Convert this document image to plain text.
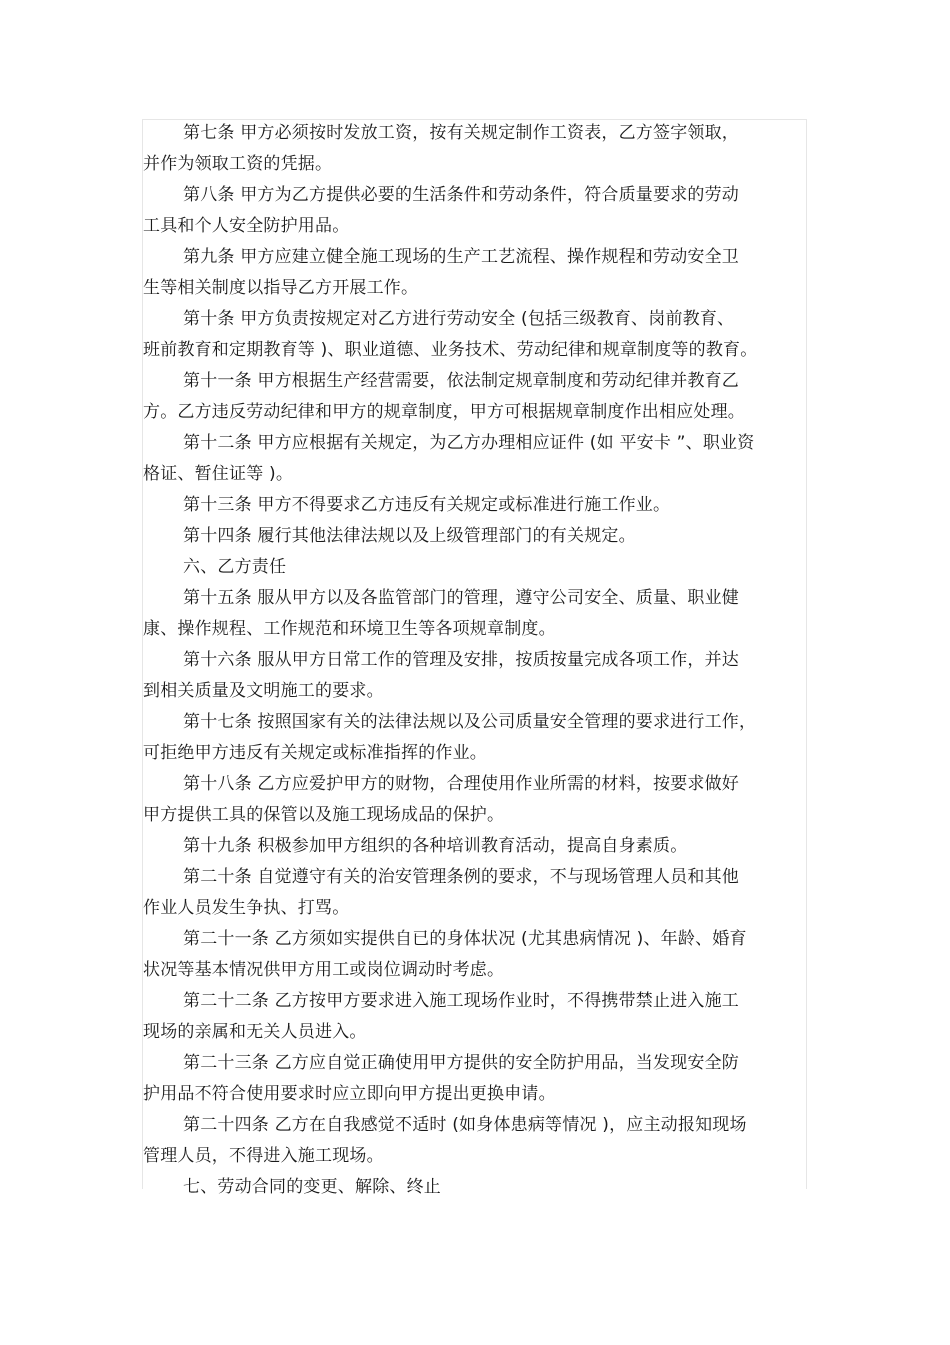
第七条 甲方必须按时发放工资，按有关规定制作工资表，乙方签字领取，
并作为领取工资的凭据。
第八条 甲方为乙方提供必要的生活条件和劳动条件，符合质量要求的劳动
工具和个人安全防护用品。
第九条 甲方应建立健全施工现场的生产工艺流程、操作规程和劳动安全卫
生等相关制度以指导乙方开展工作。
第十条 甲方负责按规定对乙方进行劳动安全 (包括三级教育、岗前教育、
班前教育和定期教育等 )、职业道德、业务技术、劳动纪律和规章制度等的教育。
第十一条 甲方根据生产经营需要，依法制定规章制度和劳动纪律并教育乙
方。乙方违反劳动纪律和甲方的规章制度，甲方可根据规章制度作出相应处理。
第十二条 甲方应根据有关规定，为乙方办理相应证件 (如 平安卡 ”、职业资
格证、暂住证等 )。
第十三条 甲方不得要求乙方违反有关规定或标准进行施工作业。
第十四条 履行其他法律法规以及上级管理部门的有关规定。
六、乙方责任
第十五条 服从甲方以及各监管部门的管理，遵守公司安全、质量、职业健
康、操作规程、工作规范和环境卫生等各项规章制度。
第十六条 服从甲方日常工作的管理及安排，按质按量完成各项工作，并达
到相关质量及文明施工的要求。
第十七条 按照国家有关的法律法规以及公司质量安全管理的要求进行工作，
可拒绝甲方违反有关规定或标准指挥的作业。
第十八条 乙方应爱护甲方的财物，合理使用作业所需的材料，按要求做好
甲方提供工具的保管以及施工现场成品的保护。
第十九条 积极参加甲方组织的各种培训教育活动，提高自身素质。
第二十条 自觉遵守有关的治安管理条例的要求，不与现场管理人员和其他
作业人员发生争执、打骂。
第二十一条 乙方须如实提供自已的身体状况 (尤其患病情况 )、年龄、婚育
状况等基本情况供甲方用工或岗位调动时考虑。
第二十二条 乙方按甲方要求进入施工现场作业时，不得携带禁止进入施工
现场的亲属和无关人员进入。
第二十三条 乙方应自觉正确使用甲方提供的安全防护用品，当发现安全防
护用品不符合使用要求时应立即向甲方提出更换申请。
第二十四条 乙方在自我感觉不适时 (如身体患病等情况 )，应主动报知现场
管理人员，不得进入施工现场。
七、劳动合同的变更、解除、终止
